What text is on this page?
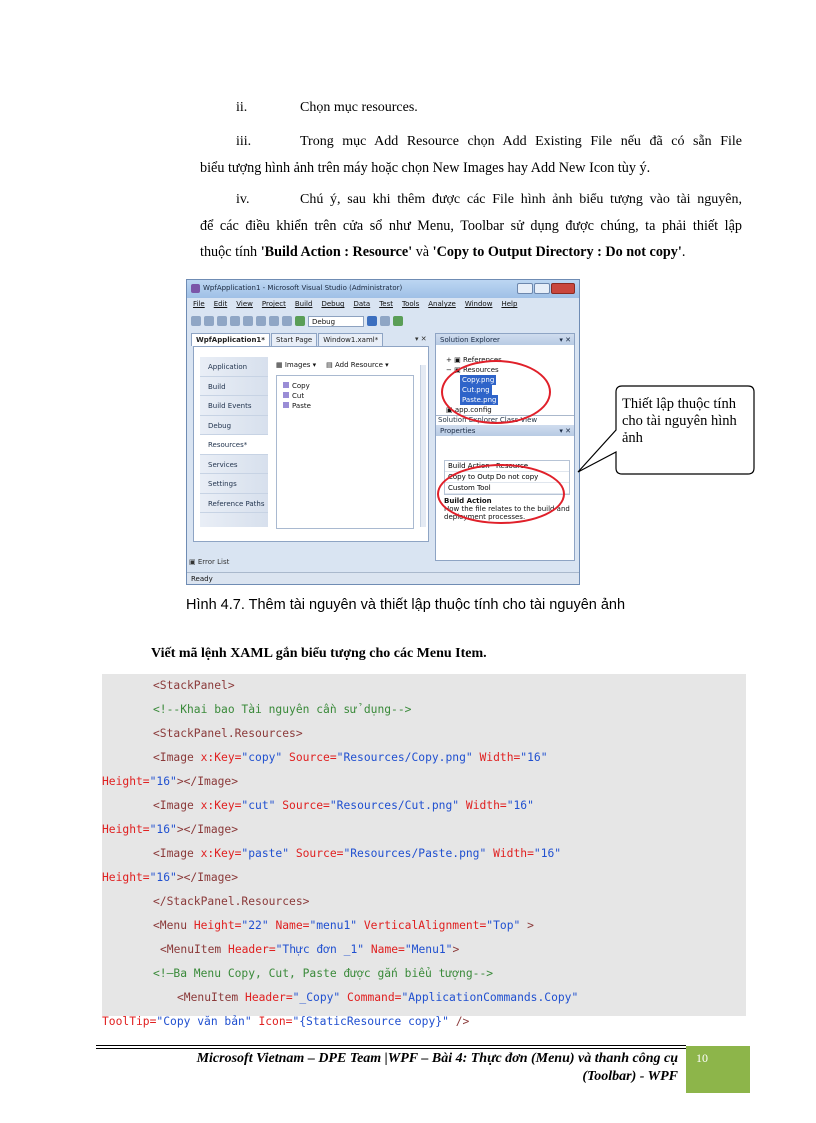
ii.	Chọn mục resources.
iii.	Trong mục Add Resource chọn Add Existing File nếu đã có sẵn File
biểu tượng hình ảnh trên máy hoặc chọn New Images hay Add New Icon tùy ý.
iv.	Chú ý, sau khi thêm được các File hình ảnh biểu tượng vào tài nguyên,
để các điều khiển trên cửa sổ như Menu, Toolbar sử dụng được chúng, ta phải thiết lập
thuộc tính 'Build Action : Resource' và 'Copy to Output Directory : Do not copy'.
WpfApplication1 - Microsoft Visual Studio (Administrator)
File Edit View Project Build Debug Data Test Tools Analyze Window Help
Debug
WpfApplication1*	Start Page	Window1.xaml*	▾ ✕
Application
Build
Build Events
Debug
Resources*
Services
Settings
Reference Paths
▦ Images ▾ ▤ Add Resource ▾
Copy
Cut
Paste
Solution Explorer	▾ ✕
+ ▣ References
− ▣ Resources
Copy.png
Cut.png
Paste.png
▣ app.config
Solution Explorer Class View
Properties	▾ ✕
Build Action Resource
Copy to Outp Do not copy
Custom Tool
Build Action
How the file relates to the build and deployment processes.
▣ Error List
Ready
Thiết lập thuộc tính cho tài nguyên hình ảnh
Hình 4.7. Thêm tài nguyên và thiết lập thuộc tính cho tài nguyên ảnh
Viết mã lệnh XAML gắn biểu tượng cho các Menu Item.
<StackPanel>
<!--Khai bao Tài nguyên cần sử dụng-->
<StackPanel.Resources>
<Image x:Key="copy" Source="Resources/Copy.png" Width="16"
Height="16"></Image>
<Image x:Key="cut" Source="Resources/Cut.png" Width="16"
Height="16"></Image>
<Image x:Key="paste" Source="Resources/Paste.png" Width="16"
Height="16"></Image>
</StackPanel.Resources>
<Menu Height="22" Name="menu1" VerticalAlignment="Top" >
<MenuItem Header="Thực đơn _1" Name="Menu1">
<!—Ba Menu Copy, Cut, Paste được gắn biểu tượng-->
<MenuItem Header="_Copy" Command="ApplicationCommands.Copy"
ToolTip="Copy văn bản" Icon="{StaticResource copy}" />
Microsoft Vietnam – DPE Team |WPF – Bài 4: Thực đơn (Menu) và thanh công cụ
(Toolbar) - WPF
10
